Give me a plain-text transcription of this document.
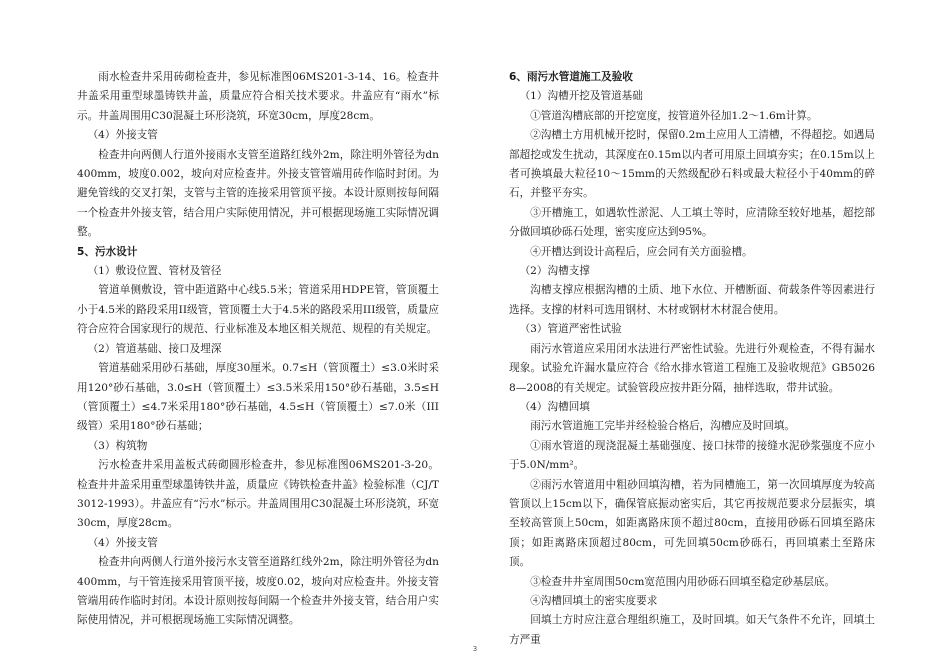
雨水检查井采用砖砌检查井，参见标准图06MS201-3-14、16。检查井井盖采用重型球墨铸铁井盖，质量应符合相关技术要求。井盖应有“雨水”标示。井盖周围用C30混凝土环形浇筑，环宽30cm，厚度28cm。
（4）外接支管
检查井向两侧人行道外接雨水支管至道路红线外2m，除注明外管径为dn400mm，坡度0.002，坡向对应检查井。外接支管管端用砖作临时封闭。为避免管线的交叉打架，支管与主管的连接采用管顶平接。本设计原则按每间隔一个检查井外接支管，结合用户实际使用情况，并可根据现场施工实际情况调整。
5、污水设计
（1）敷设位置、管材及管径
管道单侧敷设，管中距道路中心线5.5米；管道采用HDPE管，管顶覆土小于4.5米的路段采用II级管，管顶覆土大于4.5米的路段采用III级管，质量应符合应符合国家现行的规范、行业标准及本地区相关规范、规程的有关规定。
（2）管道基础、接口及埋深
管道基础采用砂石基础，厚度30厘米。0.7≤H（管顶覆土）≤3.0米时采用120°砂石基础，3.0≤H（管顶覆土）≤3.5米采用150°砂石基础，3.5≤H（管顶覆土）≤4.7米采用180°砂石基础，4.5≤H（管顶覆土）≤7.0米（III级管）采用180°砂石基础；
（3）构筑物
污水检查井采用盖板式砖砌圆形检查井，参见标准图06MS201-3-20。检查井井盖采用重型球墨铸铁井盖，质量应《铸铁检查井盖》检验标准（CJ/T3012-1993）。井盖应有“污水”标示。井盖周围用C30混凝土环形浇筑，环宽30cm，厚度28cm。
（4）外接支管
检查井向两侧人行道外接污水支管至道路红线外2m，除注明外管径为dn400mm，与干管连接采用管顶平接，坡度0.02，坡向对应检查井。外接支管管端用砖作临时封闭。本设计原则按每间隔一个检查井外接支管，结合用户实际使用情况，并可根据现场施工实际情况调整。
6、雨污水管道施工及验收
（1）沟槽开挖及管道基础
①管道沟槽底部的开挖宽度，按管道外径加1.2～1.6m计算。
②沟槽土方用机械开挖时，保留0.2m土应用人工清槽，不得超挖。如遇局部超挖或发生扰动，其深度在0.15m以内者可用原土回填夯实；在0.15m以上者可换填最大粒径10～15mm的天然级配砂石料或最大粒径小于40mm的碎石，并整平夯实。
③开槽施工，如遇软性淤泥、人工填土等时，应清除至较好地基，超挖部分做回填砂砾石处理，密实度应达到95%。
④开槽达到设计高程后，应会同有关方面验槽。
（2）沟槽支撑
沟槽支撑应根据沟槽的土质、地下水位、开槽断面、荷载条件等因素进行选择。支撑的材料可选用钢材、木材或钢材木材混合使用。
（3）管道严密性试验
雨污水管道应采用闭水法进行严密性试验。先进行外观检查，不得有漏水现象。试验允许漏水量应符合《给水排水管道工程施工及验收规范》GB50268—2008的有关规定。试验管段应按井距分隔，抽样选取，带井试验。
（4）沟槽回填
雨污水管道施工完毕并经检验合格后，沟槽应及时回填。
①雨水管道的现浇混凝土基础强度、接口抹带的接缝水泥砂浆强度不应小于5.0N/mm²。
②雨污水管道用中粗砂回填沟槽，若为同槽施工，第一次回填厚度为较高管顶以上15cm以下，确保管底振动密实后，其它再按规范要求分层振实，填至较高管顶上50cm，如距离路床顶不超过80cm，直接用砂砾石回填至路床顶；如距离路床顶超过80cm，可先回填50cm砂砾石，再回填素土至路床顶。
③检查井井室周围50cm宽范围内用砂砾石回填至稳定砂基层底。
④沟槽回填土的密实度要求
回填土方时应注意合理组织施工，及时回填。如天气条件不允许，回填土方严重
3
